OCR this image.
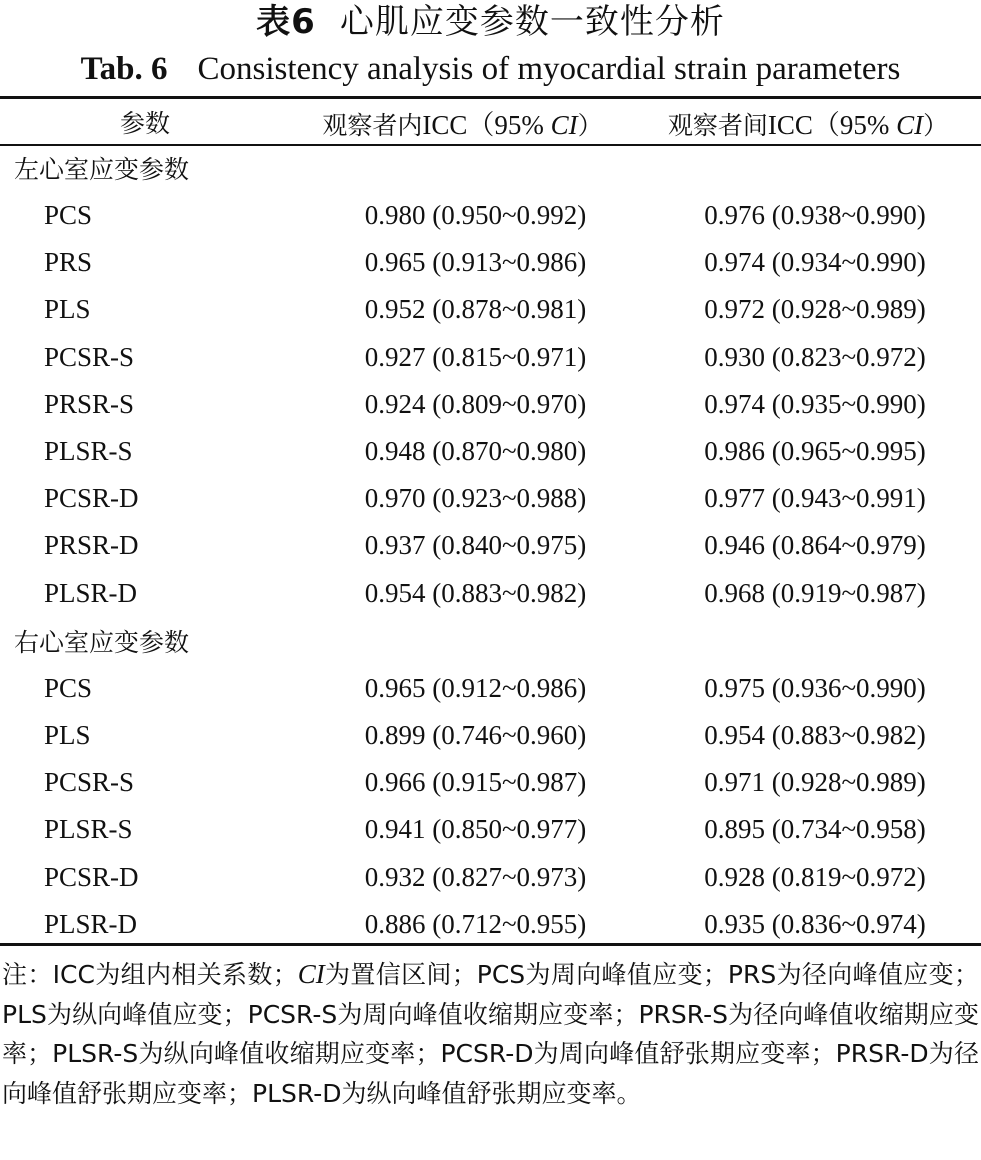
表6 心肌应变参数一致性分析
Tab. 6 Consistency analysis of myocardial strain parameters
参数	观察者内ICC（95% CI）	观察者间ICC（95% CI）
左心室应变参数		
PCS	0.980 (0.950~0.992)	0.976 (0.938~0.990)
PRS	0.965 (0.913~0.986)	0.974 (0.934~0.990)
PLS	0.952 (0.878~0.981)	0.972 (0.928~0.989)
PCSR-S	0.927 (0.815~0.971)	0.930 (0.823~0.972)
PRSR-S	0.924 (0.809~0.970)	0.974 (0.935~0.990)
PLSR-S	0.948 (0.870~0.980)	0.986 (0.965~0.995)
PCSR-D	0.970 (0.923~0.988)	0.977 (0.943~0.991)
PRSR-D	0.937 (0.840~0.975)	0.946 (0.864~0.979)
PLSR-D	0.954 (0.883~0.982)	0.968 (0.919~0.987)
右心室应变参数		
PCS	0.965 (0.912~0.986)	0.975 (0.936~0.990)
PLS	0.899 (0.746~0.960)	0.954 (0.883~0.982)
PCSR-S	0.966 (0.915~0.987)	0.971 (0.928~0.989)
PLSR-S	0.941 (0.850~0.977)	0.895 (0.734~0.958)
PCSR-D	0.932 (0.827~0.973)	0.928 (0.819~0.972)
PLSR-D	0.886 (0.712~0.955)	0.935 (0.836~0.974)

注：ICC为组内相关系数；CI为置信区间；PCS为周向峰值应变；PRS为径向峰值应变；PLS为纵向峰值应变；PCSR-S为周向峰值收缩期应变率；PRSR-S为径向峰值收缩期应变率；PLSR-S为纵向峰值收缩期应变率；PCSR-D为周向峰值舒张期应变率；PRSR-D为径向峰值舒张期应变率；PLSR-D为纵向峰值舒张期应变率。
